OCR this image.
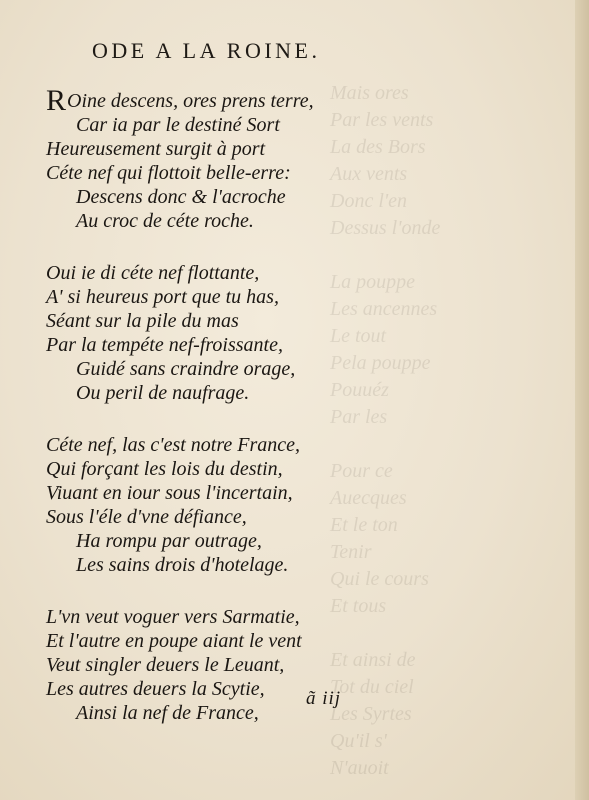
Mais ores
Par les vents
La des Bors
Aux vents
Donc l'en
Dessus l'onde

La pouppe
Les ancennes
Le tout
Pela pouppe
Pouuéz
Par les

Pour ce
Auecques
Et le ton
Tenir
Qui le cours
Et tous

Et ainsi de
Tot du ciel
Les Syrtes
Qu'il s'
N'auoit
ODE A LA ROINE.
ROine descens, ores prens terre,
Car ia par le destiné Sort
Heureusement surgit à port
Céte nef qui flottoit belle-erre:
Descens donc & l'acroche
Au croc de céte roche.
Oui ie di céte nef flottante,
A' si heureus port que tu has,
Séant sur la pile du mas
Par la tempéte nef-froissante,
Guidé sans craindre orage,
Ou peril de naufrage.
Céte nef, las c'est notre France,
Qui forçant les lois du destin,
Viuant en iour sous l'incertain,
Sous l'éle d'vne défiance,
Ha rompu par outrage,
Les sains drois d'hotelage.
L'vn veut voguer vers Sarmatie,
Et l'autre en poupe aiant le vent
Veut singler deuers le Leuant,
Les autres deuers la Scytie,
Ainsi la nef de France,
ã iij
